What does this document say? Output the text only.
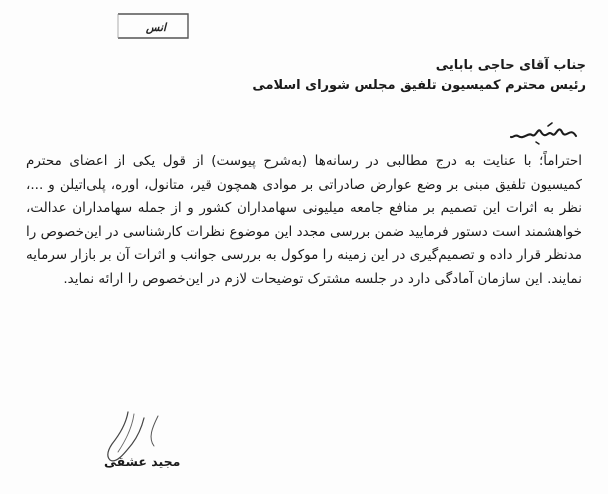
ا‌نس
جناب آقای حاجی بابایی
رئیس محترم کمیسیون تلفیق مجلس شورای اسلامی

احتراماً؛ با عنایت به درج مطالبی در رسانه‌ها (به‌شرح پیوست) از قول یکی از اعضای محترم کمیسیون تلفیق مبنی بر وضع عوارض صادراتی بر موادی همچون قیر، متانول، اوره، پلی‌اتیلن و ...، نظر به اثرات این تصمیم بر منافع جامعه میلیونی سهامداران کشور و از جمله سهامداران عدالت، خواهشمند است دستور فرمایید ضمن بررسی مجدد این موضوع نظرات کارشناسی در این‌خصوص را مدنظر قرار داده و تصمیم‌گیری در این زمینه را موکول به بررسی جوانب و اثرات آن بر بازار سرمایه نمایند. این سازمان آمادگی دارد در جلسه مشترک توضیحات لازم در این‌خصوص را ارائه نماید.

مجید عشقی
